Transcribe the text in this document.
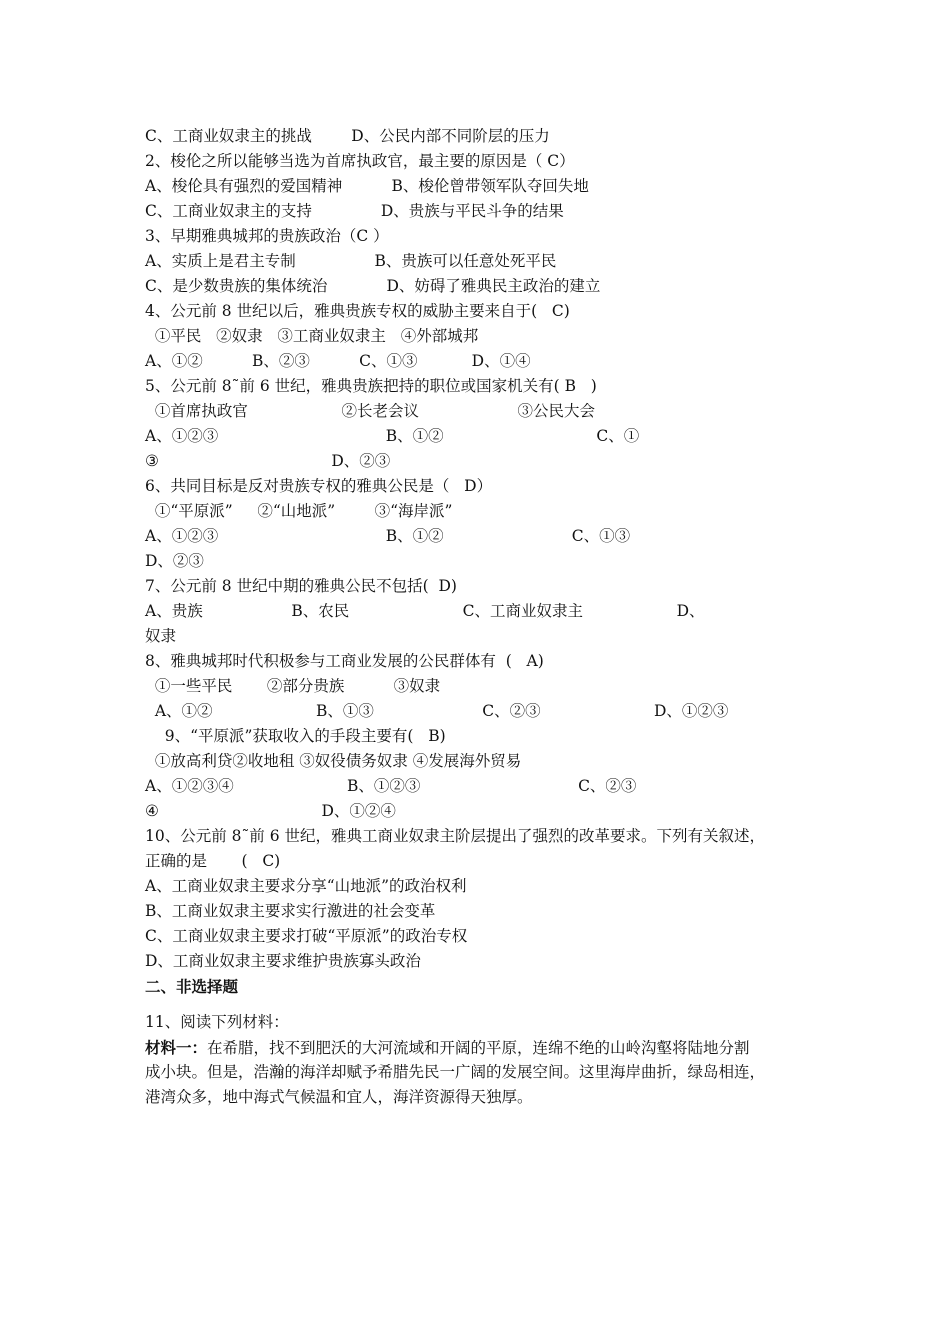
C、工商业奴隶主的挑战        D、公民内部不同阶层的压力
2、梭伦之所以能够当选为首席执政官，最主要的原因是（ C）
A、梭伦具有强烈的爱国精神          B、梭伦曾带领军队夺回失地
C、工商业奴隶主的支持              D、贵族与平民斗争的结果
3、早期雅典城邦的贵族政治（C ）
A、实质上是君主专制                B、贵族可以任意处死平民
C、是少数贵族的集体统治            D、妨碍了雅典民主政治的建立
4、公元前 8 世纪以后，雅典贵族专权的威胁主要来自于(   C)
①平民   ②奴隶   ③工商业奴隶主   ④外部城邦
A、①②          B、②③          C、①③           D、①④
5、公元前 8˜前 6 世纪，雅典贵族把持的职位或国家机关有( B   )
①首席执政官                   ②长老会议                    ③公民大会
A、①②③                                  B、①②                               C、①
③                                   D、②③
6、共同目标是反对贵族专权的雅典公民是（   D）
①“平原派”     ②“山地派”        ③“海岸派”
A、①②③                                  B、①②                          C、①③
D、②③
7、公元前 8 世纪中期的雅典公民不包括(  D)
A、贵族                  B、农民                       C、工商业奴隶主                   D、
奴隶
8、雅典城邦时代积极参与工商业发展的公民群体有  (   A)
①一些平民       ②部分贵族          ③奴隶
A、①②                     B、①③                      C、②③                       D、①②③
9、“平原派”获取收入的手段主要有(   B)
①放高利贷②收地租 ③奴役债务奴隶 ④发展海外贸易
A、①②③④                       B、①②③                                C、②③
④                                 D、①②④
10、公元前 8˜前 6 世纪，雅典工商业奴隶主阶层提出了强烈的改革要求。下列有关叙述，
正确的是       (   C)
A、工商业奴隶主要求分享“山地派”的政治权利
B、工商业奴隶主要求实行激进的社会变革
C、工商业奴隶主要求打破“平原派”的政治专权
D、工商业奴隶主要求维护贵族寡头政治
二、非选择题
11、阅读下列材料：
材料一：在希腊，找不到肥沃的大河流域和开阔的平原，连绵不绝的山岭沟壑将陆地分割
成小块。但是，浩瀚的海洋却赋予希腊先民一广阔的发展空间。这里海岸曲折，绿岛相连，
港湾众多，地中海式气候温和宜人，海洋资源得天独厚。
